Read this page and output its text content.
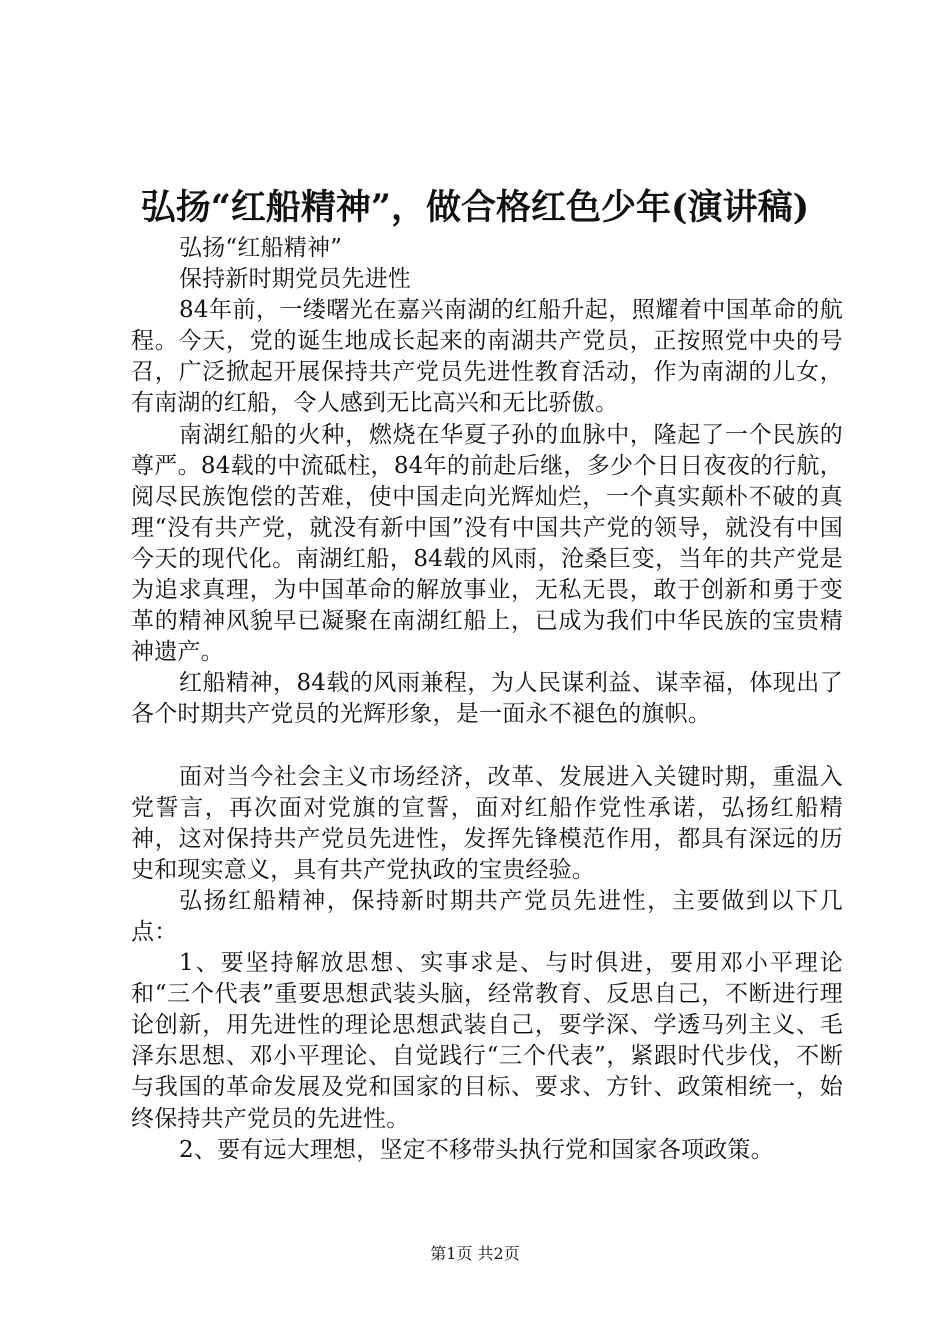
弘扬“红船精神”，做合格红色少年(演讲稿)

弘扬“红船精神”

保持新时期党员先进性

84年前，一缕曙光在嘉兴南湖的红船升起，照耀着中国革命的航程。今天，党的诞生地成长起来的南湖共产党员，正按照党中央的号召，广泛掀起开展保持共产党员先进性教育活动，作为南湖的儿女，有南湖的红船，令人感到无比高兴和无比骄傲。

南湖红船的火种，燃烧在华夏子孙的血脉中，隆起了一个民族的尊严。84载的中流砥柱，84年的前赴后继，多少个日日夜夜的行航，阅尽民族饱偿的苦难，使中国走向光辉灿烂，一个真实颠朴不破的真理“没有共产党，就没有新中国”没有中国共产党的领导，就没有中国今天的现代化。南湖红船，84载的风雨，沧桑巨变，当年的共产党是为追求真理，为中国革命的解放事业，无私无畏，敢于创新和勇于变革的精神风貌早已凝聚在南湖红船上，已成为我们中华民族的宝贵精神遗产。

红船精神，84载的风雨兼程，为人民谋利益、谋幸福，体现出了各个时期共产党员的光辉形象，是一面永不褪色的旗帜。

面对当今社会主义市场经济，改革、发展进入关键时期，重温入党誓言，再次面对党旗的宣誓，面对红船作党性承诺，弘扬红船精神，这对保持共产党员先进性，发挥先锋模范作用，都具有深远的历史和现实意义，具有共产党执政的宝贵经验。

弘扬红船精神，保持新时期共产党员先进性，主要做到以下几点：

1、要坚持解放思想、实事求是、与时俱进，要用邓小平理论和“三个代表”重要思想武装头脑，经常教育、反思自己，不断进行理论创新，用先进性的理论思想武装自己，要学深、学透马列主义、毛泽东思想、邓小平理论、自觉践行“三个代表”，紧跟时代步伐，不断与我国的革命发展及党和国家的目标、要求、方针、政策相统一，始终保持共产党员的先进性。

2、要有远大理想，坚定不移带头执行党和国家各项政策。

第1页 共2页
